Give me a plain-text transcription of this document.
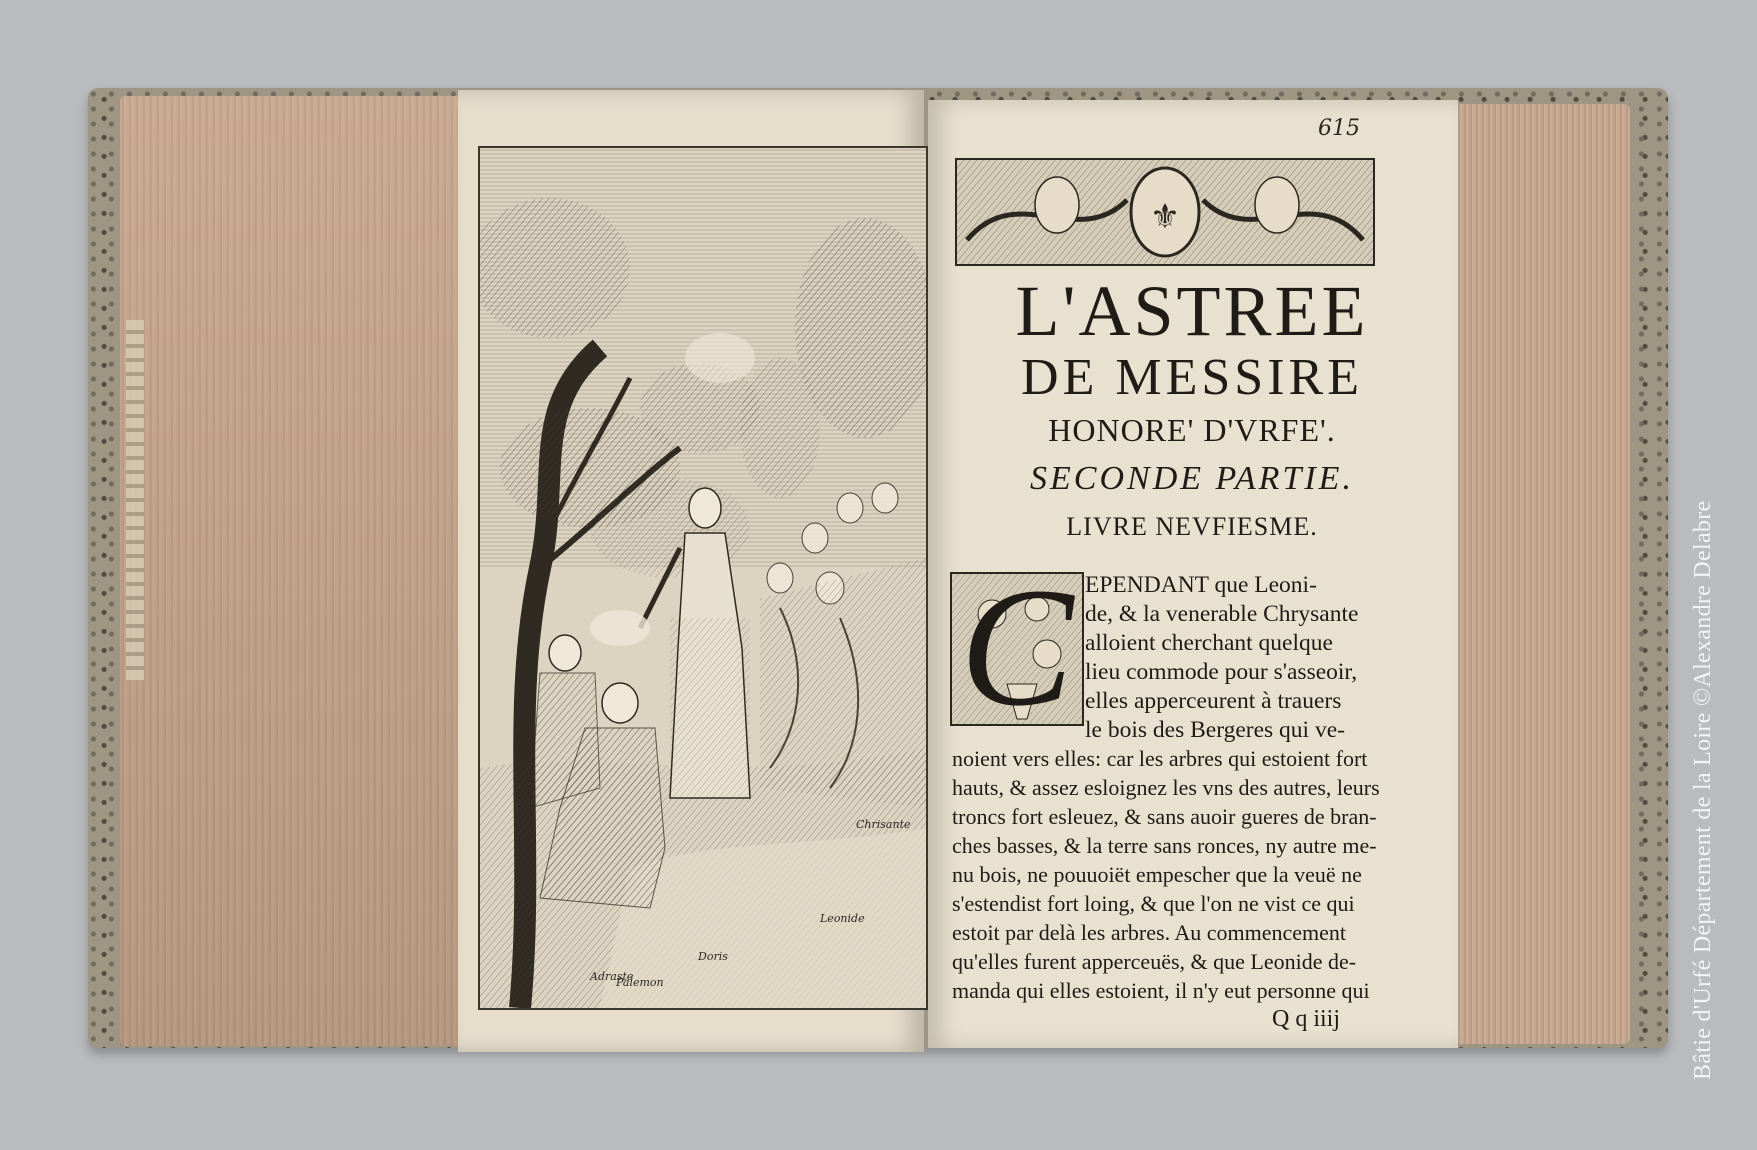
Adraste
Doris
Chrisante
Leonide
Palemon
615
⚜
L'ASTREE
DE MESSIRE
HONORE' D'VRFE'.
SECONDE PARTIE.
LIVRE NEVFIESME.
C EPENDANT que Leoni-
de, & la venerable Chrysante
alloient cherchant quelque
lieu commode pour s'asseoir,
elles apperceurent à trauers
le bois des Bergeres qui ve-
noient vers elles: car les arbres qui estoient fort
hauts, & assez esloignez les vns des autres, leurs
troncs fort esleuez, & sans auoir gueres de bran-
ches basses, & la terre sans ronces, ny autre me-
nu bois, ne pouuoiët empescher que la veuë ne
s'estendist fort loing, & que l'on ne vist ce qui
estoit par delà les arbres. Au commencement
qu'elles furent apperceuës, & que Leonide de-
manda qui elles estoient, il n'y eut personne qui
Q q iiij	Bâtie d'Urfé Département de la Loire ©Alexandre Delabre
